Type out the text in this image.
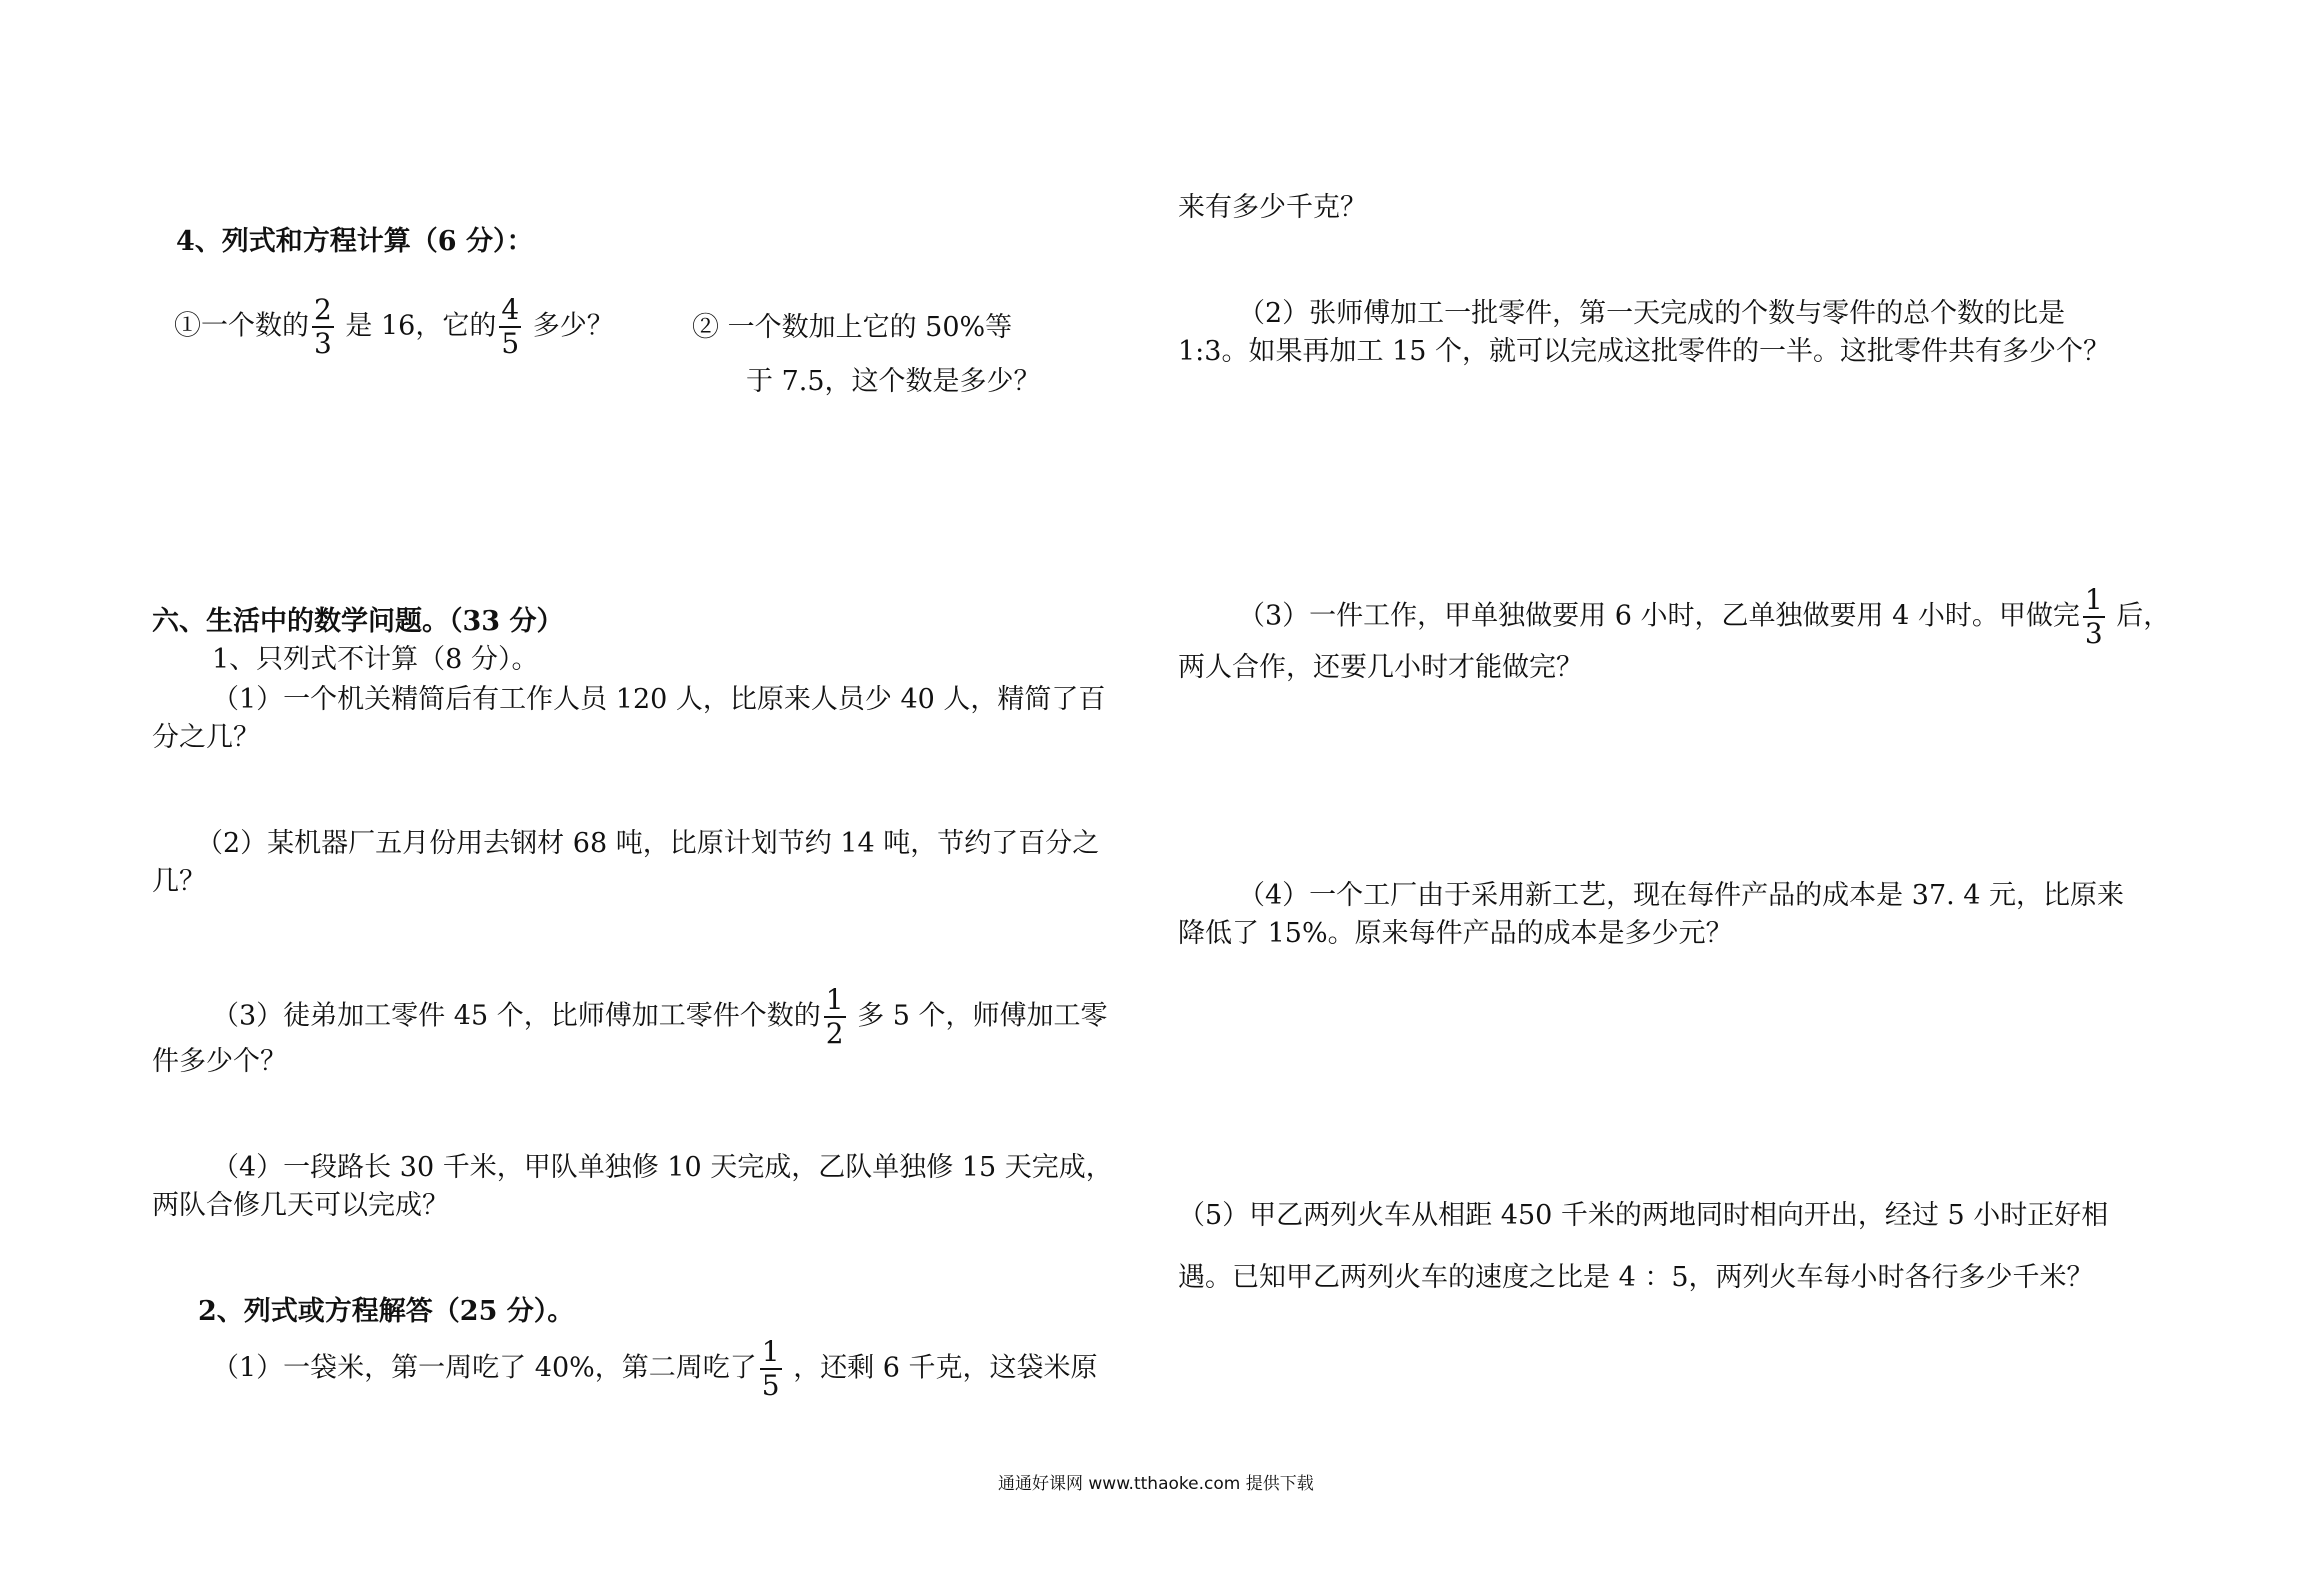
4、列式和方程计算（6 分）：
①一个数的 $\frac{2}{3}$ 是 16，它的 $\frac{4}{5}$ 多少？	② 一个数加上它的 50%等
于 7.5，这个数是多少？
六、生活中的数学问题。（33 分）
1、只列式不计算（8 分）。
（1）一个机关精简后有工作人员 120 人，比原来人员少 40 人，精简了百
分之几？
（2）某机器厂五月份用去钢材 68 吨，比原计划节约 14 吨，节约了百分之
几？
（3）徒弟加工零件 45 个，比师傅加工零件个数的 $\frac{1}{2}$ 多 5 个，师傅加工零
件多少个？
（4）一段路长 30 千米，甲队单独修 10 天完成，乙队单独修 15 天完成，
两队合修几天可以完成？
2、列式或方程解答（25 分）。
（1）一袋米，第一周吃了 40%，第二周吃了 $\frac{1}{5}$ ，还剩 6 千克，这袋米原
来有多少千克？
（2）张师傅加工一批零件，第一天完成的个数与零件的总个数的比是
1:3。如果再加工 15 个，就可以完成这批零件的一半。这批零件共有多少个？
（3）一件工作，甲单独做要用 6 小时，乙单独做要用 4 小时。甲做完 $\frac{1}{3}$ 后，
两人合作，还要几小时才能做完？
（4）一个工厂由于采用新工艺，现在每件产品的成本是 37. 4 元，比原来
降低了 15%。原来每件产品的成本是多少元？
（5）甲乙两列火车从相距 450 千米的两地同时相向开出，经过 5 小时正好相
遇。已知甲乙两列火车的速度之比是 4 ：5，两列火车每小时各行多少千米？
通通好课网 www.tthaoke.com 提供下载
